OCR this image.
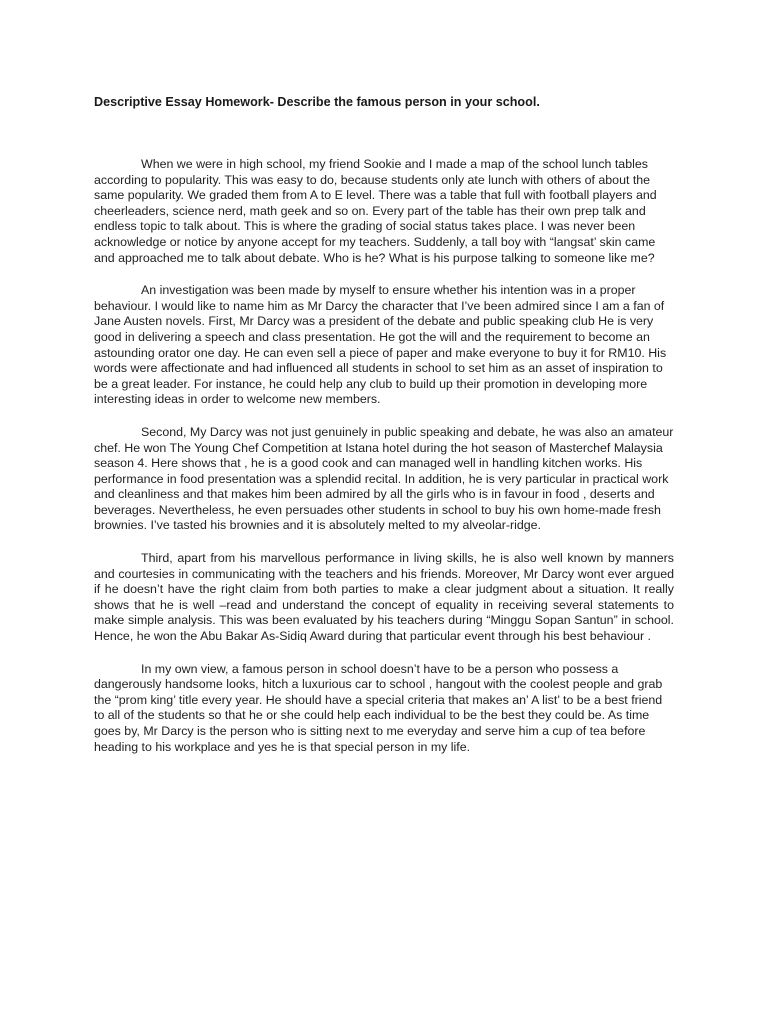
Descriptive Essay Homework- Describe the famous person in your school.

When we were in high school, my friend Sookie and I made a map of the school lunch tables according to popularity. This was easy to do, because students only ate lunch with others of about the same popularity. We graded them from A to E level. There was a table that full with football players and cheerleaders, science nerd, math geek and so on. Every part of the table has their own prep talk and endless topic to talk about. This is where the grading of social status takes place. I was never been acknowledge or notice by anyone accept for my teachers. Suddenly, a tall boy with “langsat’ skin came and approached me to talk about debate. Who is he? What is his purpose talking to someone like me?

An investigation was been made by myself to ensure whether his intention was in a proper behaviour. I would like to name him as Mr Darcy the character that I’ve been admired since I am a fan of Jane Austen novels. First, Mr Darcy was a president of the debate and public speaking club He is very good in delivering a speech and class presentation. He got the will and the requirement to become an astounding orator one day. He can even sell a piece of paper and make everyone to buy it for RM10. His words were affectionate and had influenced all students in school to set him as an asset of inspiration to be a great leader. For instance, he could help any club to build up their promotion in developing more interesting ideas in order to welcome new members.

Second, My Darcy was not just genuinely in public speaking and debate, he was also an amateur chef. He won The Young Chef Competition at Istana hotel during the hot season of Masterchef Malaysia season 4. Here shows that , he is a good cook and can managed well in handling kitchen works. His performance in food presentation was a splendid recital. In addition, he is very particular in practical work and cleanliness and that makes him been admired by all the girls who is in favour in food , deserts and beverages. Nevertheless, he even persuades other students in school to buy his own home-made fresh brownies. I’ve tasted his brownies and it is absolutely melted to my alveolar-ridge.

Third, apart from his marvellous performance in living skills, he is also well known by manners and courtesies in communicating with the teachers and his friends. Moreover, Mr Darcy wont ever argued if he doesn’t have the right claim from both parties to make a clear judgment about a situation. It really shows that he is well –read and understand the concept of equality in receiving several statements to make simple analysis. This was been evaluated by his teachers during “Minggu Sopan Santun” in school. Hence, he won the Abu Bakar As-Sidiq Award during that particular event through his best behaviour .

In my own view, a famous person in school doesn’t have to be a person who possess a dangerously handsome looks, hitch a luxurious car to school , hangout with the coolest people and grab the “prom king’ title every year. He should have a special criteria that makes an’ A list’ to be a best friend to all of the students so that he or she could help each individual to be the best they could be. As time goes by, Mr Darcy is the person who is sitting next to me everyday and serve him a cup of tea before heading to his workplace and yes he is that special person in my life.
